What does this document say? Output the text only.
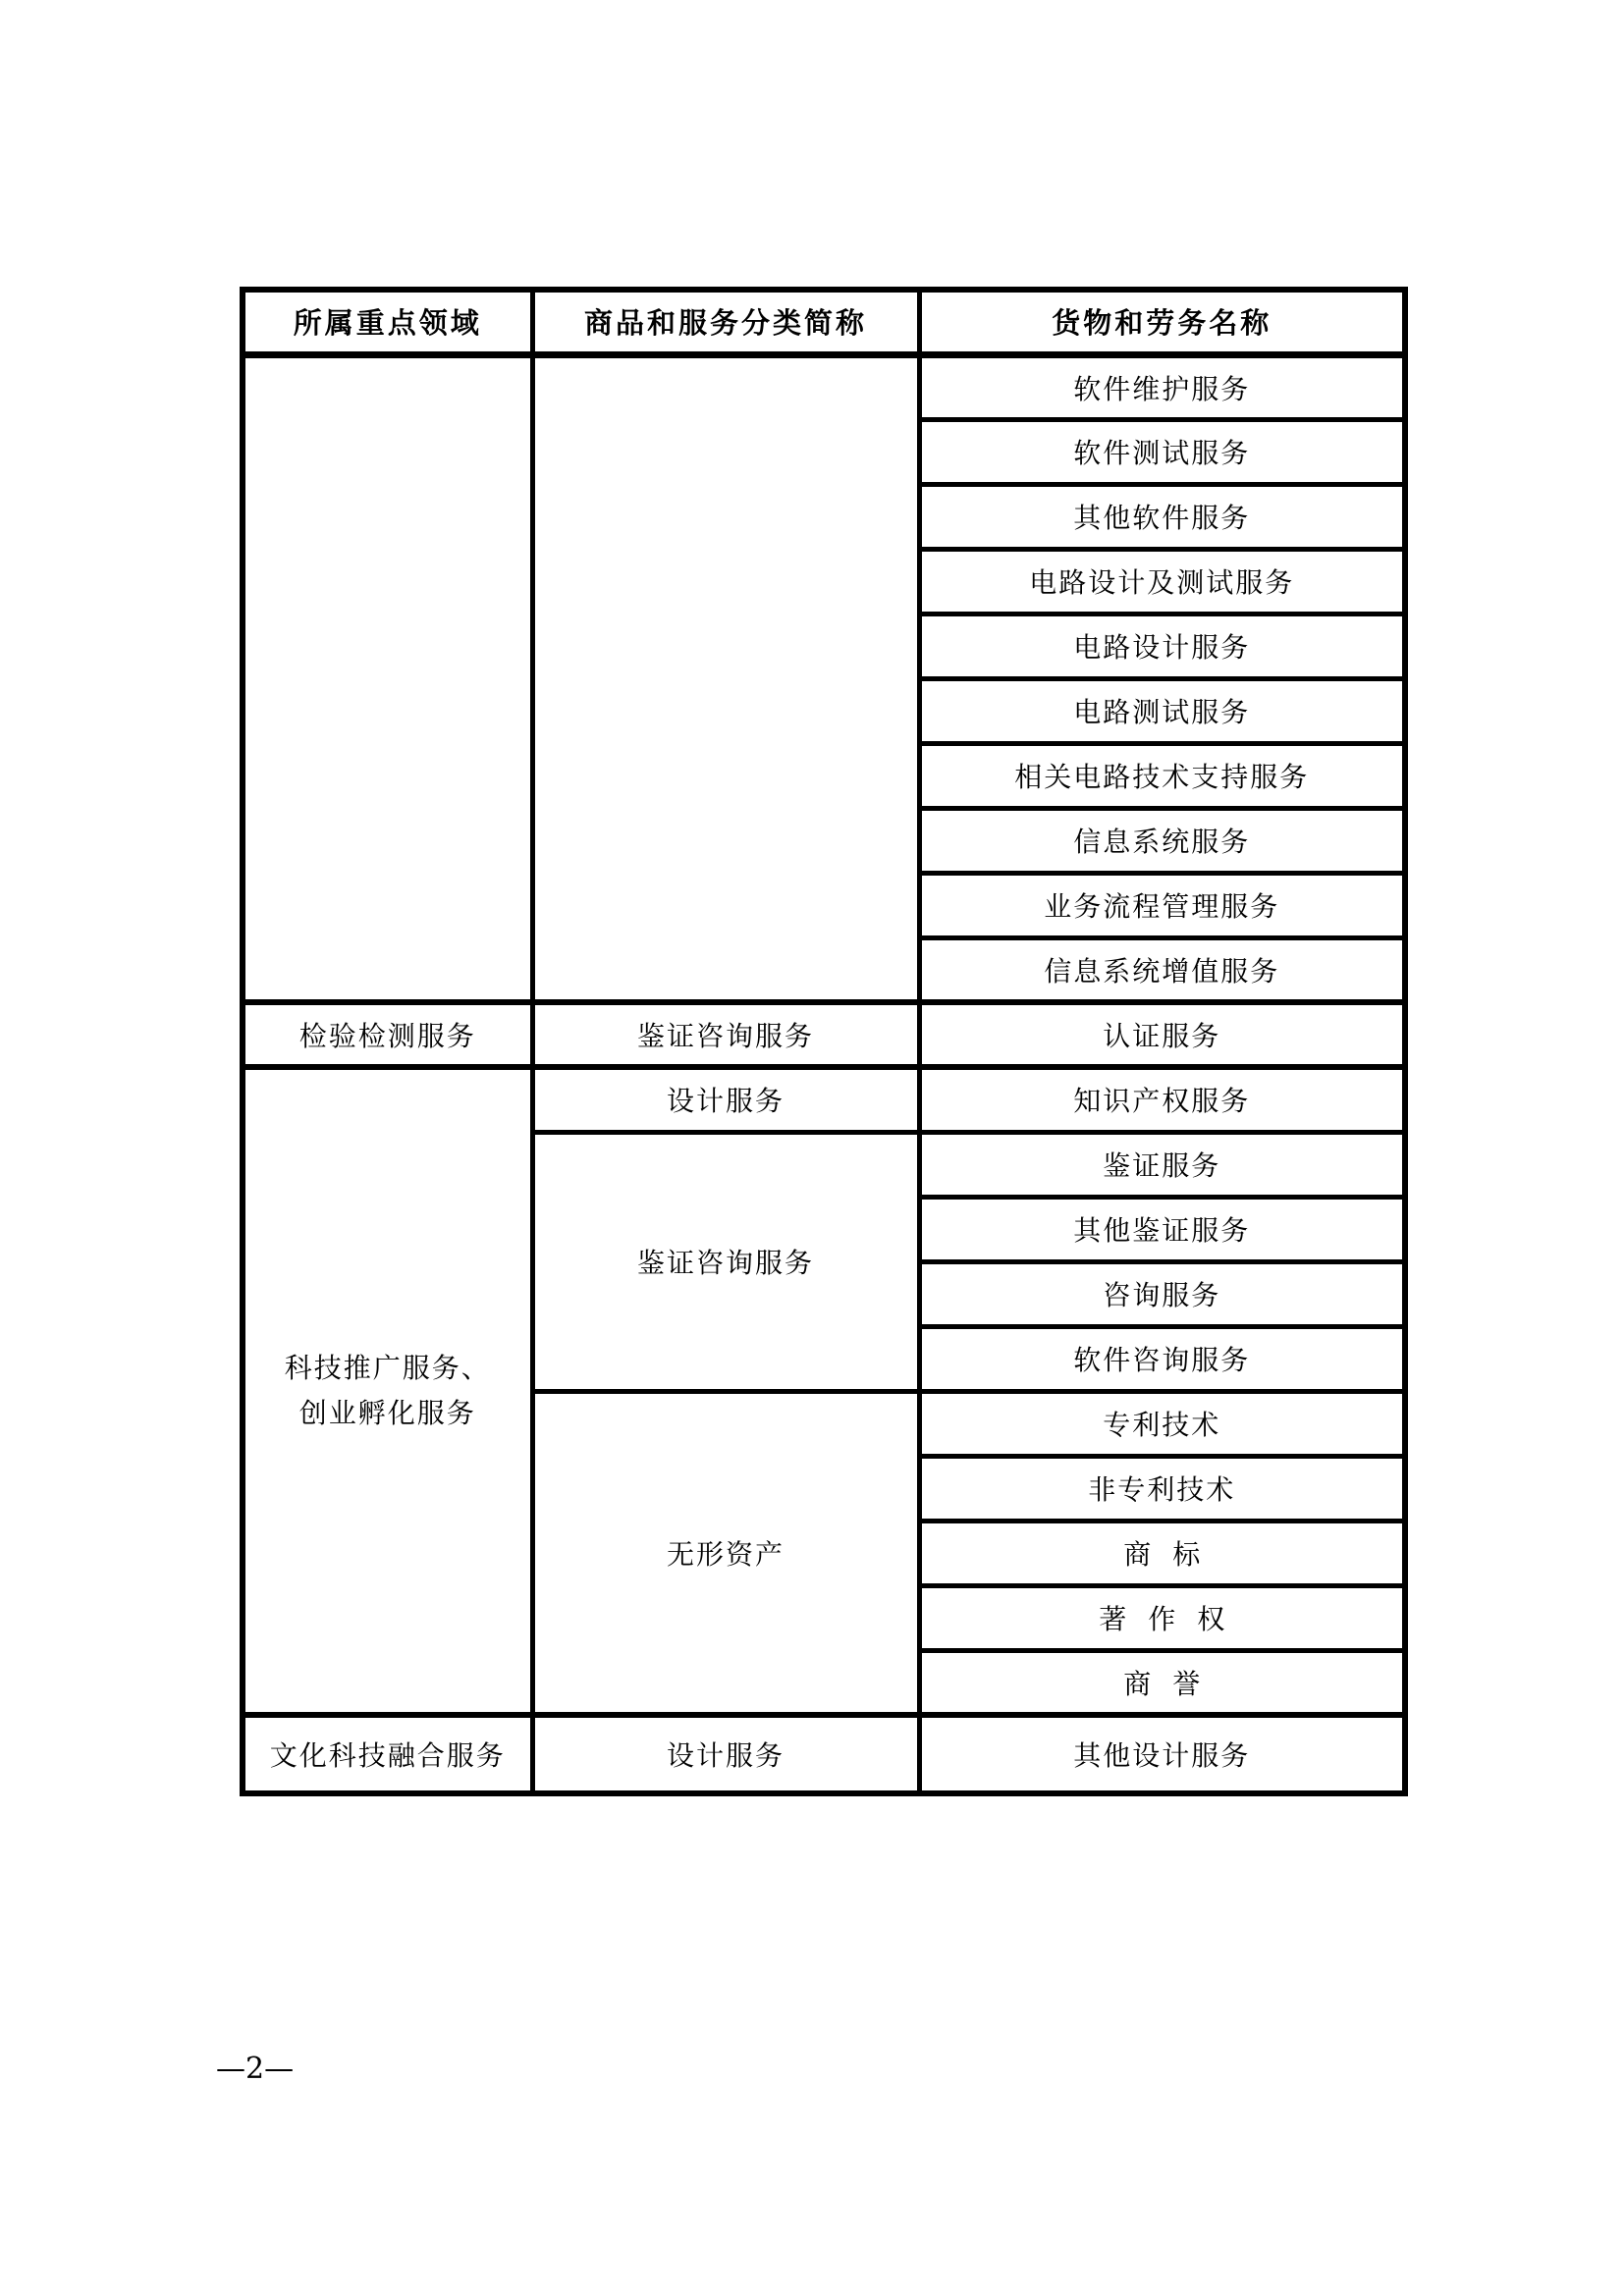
所属重点领域	商品和服务分类简称	货物和劳务名称
		软件维护服务
		软件测试服务
		其他软件服务
		电路设计及测试服务
		电路设计服务
		电路测试服务
		相关电路技术支持服务
		信息系统服务
		业务流程管理服务
		信息系统增值服务
检验检测服务	鉴证咨询服务	认证服务

科技推广服务、
创业孵化服务	设计服务	知识产权服务
	鉴证咨询服务	鉴证服务
		其他鉴证服务
		咨询服务
		软件咨询服务
	无形资产	专利技术
		非专利技术
		商标
		著作权
		商誉
文化科技融合服务	设计服务	其他设计服务
—2—
